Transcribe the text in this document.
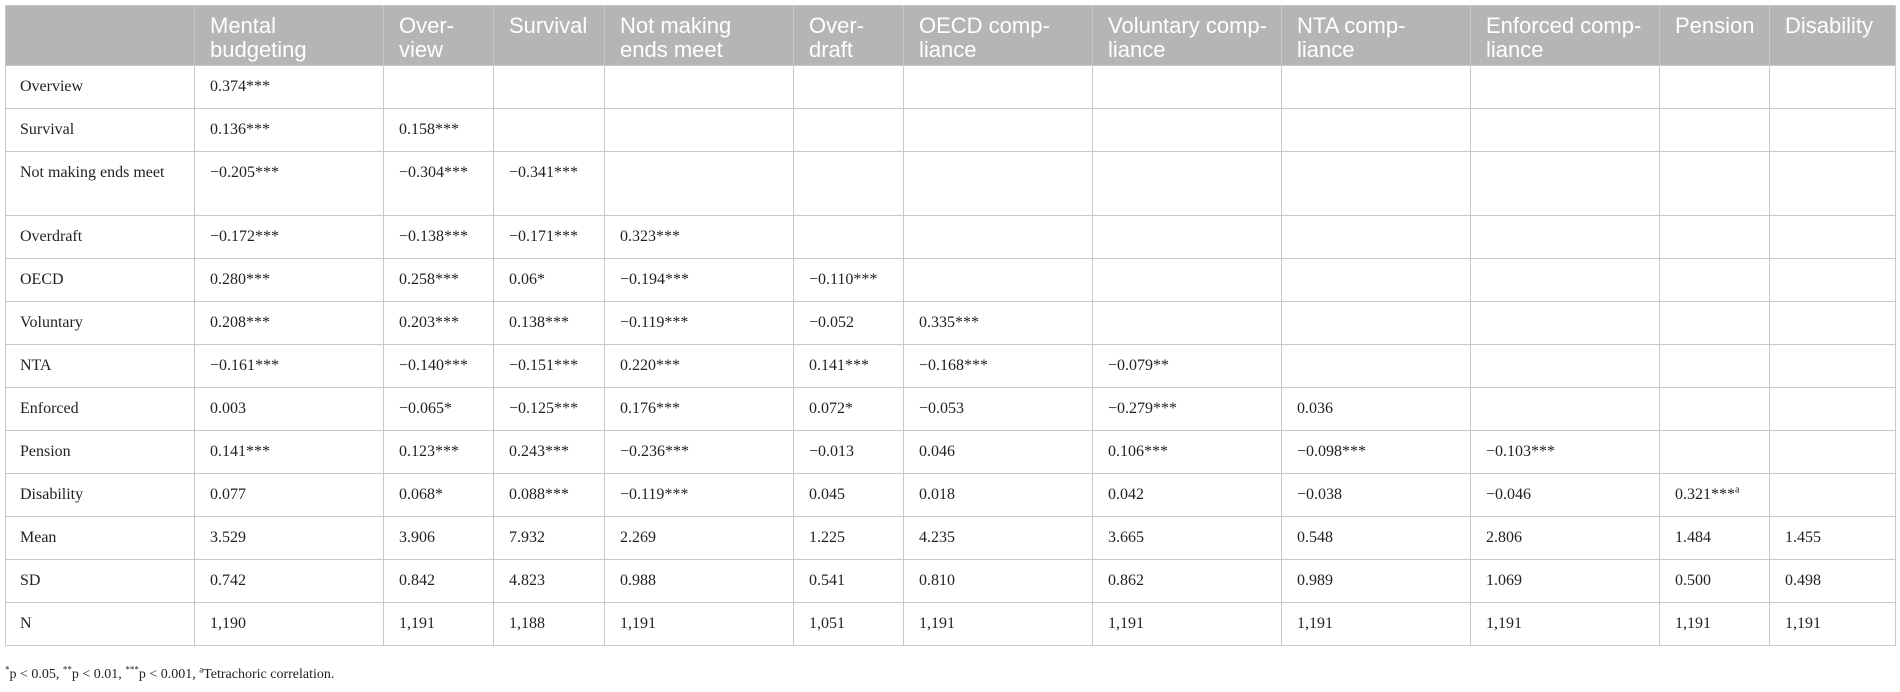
	Mental budgeting	Over-view	Survival	Not making ends meet	Over-draft	OECD comp-liance	Voluntary comp-liance	NTA comp-liance	Enforced comp-liance	Pension	Disability
Overview	0.374***										
Survival	0.136***	0.158***									
Not making ends meet	−0.205***	−0.304***	−0.341***								
Overdraft	−0.172***	−0.138***	−0.171***	0.323***							
OECD	0.280***	0.258***	0.06*	−0.194***	−0.110***						
Voluntary	0.208***	0.203***	0.138***	−0.119***	−0.052	0.335***					
NTA	−0.161***	−0.140***	−0.151***	0.220***	0.141***	−0.168***	−0.079**				
Enforced	0.003	−0.065*	−0.125***	0.176***	0.072*	−0.053	−0.279***	0.036			
Pension	0.141***	0.123***	0.243***	−0.236***	−0.013	0.046	0.106***	−0.098***	−0.103***		
Disability	0.077	0.068*	0.088***	−0.119***	0.045	0.018	0.042	−0.038	−0.046	0.321***$^a$	
Mean	3.529	3.906	7.932	2.269	1.225	4.235	3.665	0.548	2.806	1.484	1.455
SD	0.742	0.842	4.823	0.988	0.541	0.810	0.862	0.989	1.069	0.500	0.498
N	1,190	1,191	1,188	1,191	1,051	1,191	1,191	1,191	1,191	1,191	1,191
*p < 0.05, **p < 0.01, ***p < 0.001, $^a$Tetrachoric correlation.
